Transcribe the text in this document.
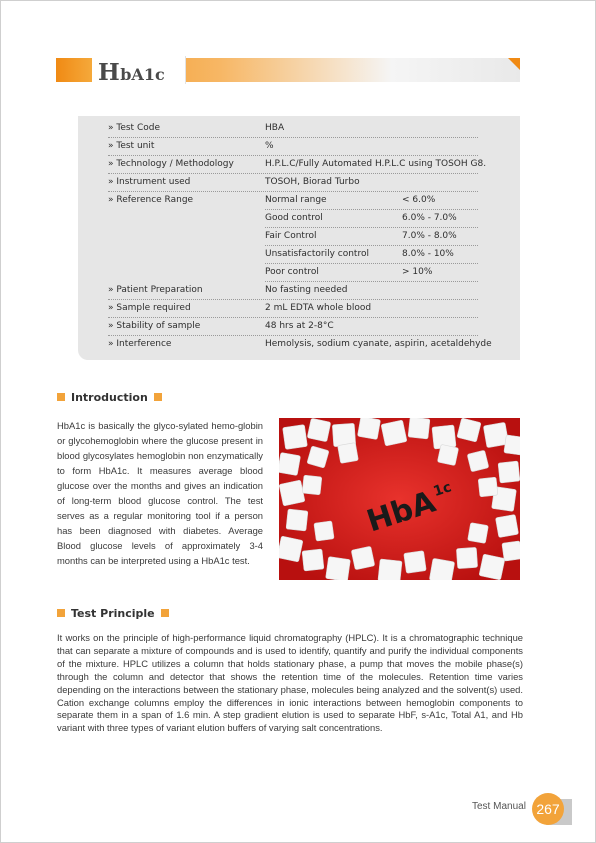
HbA1c
» Test Code	HBA
» Test unit	%
» Technology / Methodology	H.P.L.C/Fully Automated H.P.L.C using TOSOH G8.
» Instrument used	TOSOH, Biorad Turbo
» Reference Range	Normal range	< 6.0%
Good control	6.0% - 7.0%
Fair Control	7.0% - 8.0%
Unsatisfactorily control	8.0% - 10%
Poor control	> 10%
» Patient Preparation	No fasting needed
» Sample required	2 mL EDTA whole blood
» Stability of sample	48 hrs at 2-8°C
» Interference	Hemolysis, sodium cyanate, aspirin, acetaldehyde
Introduction

HbA1c is basically the glyco-sylated hemo-globin or glycohemoglobin where the glucose present in blood glycosylates hemoglobin non enzymatically to form HbA1c. It measures average blood glucose over the months and gives an indication of long-term blood glucose control. The test serves as a regular monitoring tool if a person has been diagnosed with diabetes. Average Blood glucose levels of approximately 3-4 months can be interpreted using a HbA1c test.

HbA
1c
Test Principle

It works on the principle of high-performance liquid chromatography (HPLC). It is a chromatographic technique that can separate a mixture of compounds and is used to identify, quantify and purify the individual components of the mixture. HPLC utilizes a column that holds stationary phase, a pump that moves the mobile phase(s) through the column and detector that shows the retention time of the molecules. Retention time varies depending on the interactions between the stationary phase, molecules being analyzed and the solvent(s) used. Cation exchange columns employ the differences in ionic interactions between hemoglobin components to separate them in a span of 1.6 min. A step gradient elution is used to separate HbF, s-A1c, Total A1, and Hb variant with three types of variant elution buffers of varying salt concentrations.

Test Manual 267
